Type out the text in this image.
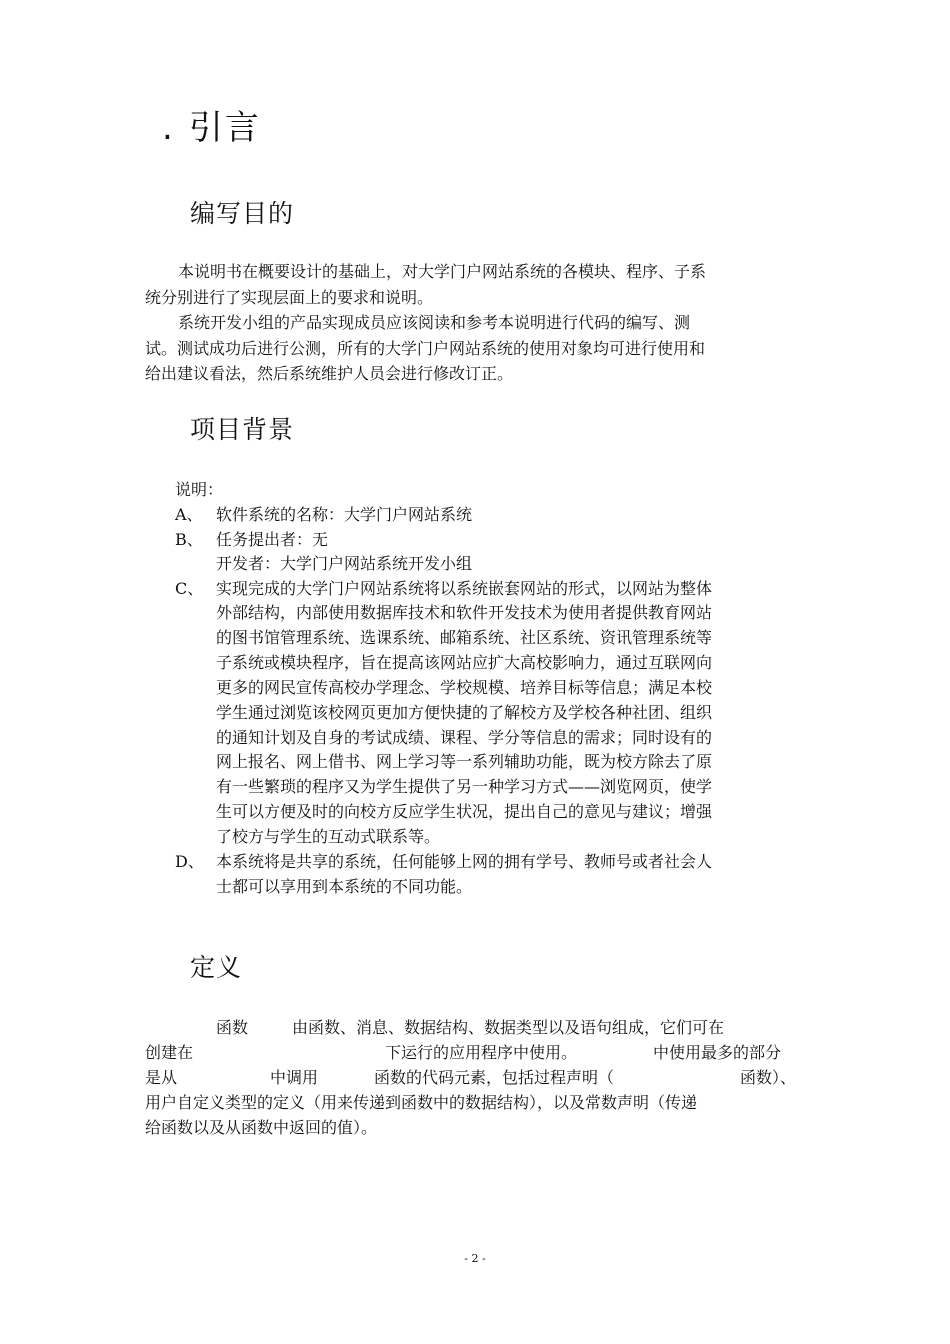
. 引言
编写目的
本说明书在概要设计的基础上，对大学门户网站系统的各模块、程序、子系
统分别进行了实现层面上的要求和说明。
系统开发小组的产品实现成员应该阅读和参考本说明进行代码的编写、测
试。测试成功后进行公测，所有的大学门户网站系统的使用对象均可进行使用和
给出建议看法，然后系统维护人员会进行修改订正。
项目背景
说明：
A、 软件系统的名称：大学门户网站系统
B、 任务提出者：无
开发者：大学门户网站系统开发小组
C、 实现完成的大学门户网站系统将以系统嵌套网站的形式，以网站为整体
外部结构，内部使用数据库技术和软件开发技术为使用者提供教育网站
的图书馆管理系统、选课系统、邮箱系统、社区系统、资讯管理系统等
子系统或模块程序，旨在提高该网站应扩大高校影响力，通过互联网向
更多的网民宣传高校办学理念、学校规模、培养目标等信息；满足本校
学生通过浏览该校网页更加方便快捷的了解校方及学校各种社团、组织
的通知计划及自身的考试成绩、课程、学分等信息的需求；同时设有的
网上报名、网上借书、网上学习等一系列辅助功能，既为校方除去了原
有一些繁琐的程序又为学生提供了另一种学习方式——浏览网页，使学
生可以方便及时的向校方反应学生状况，提出自己的意见与建议；增强
了校方与学生的互动式联系等。
D、 本系统将是共享的系统，任何能够上网的拥有学号、教师号或者社会人
士都可以享用到本系统的不同功能。
定义
函数	由函数、消息、数据结构、数据类型以及语句组成，它们可在
创建在	下运行的应用程序中使用。	中使用最多的部分
是从	中调用	函数的代码元素，包括过程声明（	函数）、
用户自定义类型的定义（用来传递到函数中的数据结构），以及常数声明（传递
给函数以及从函数中返回的值）。
- 2 -
